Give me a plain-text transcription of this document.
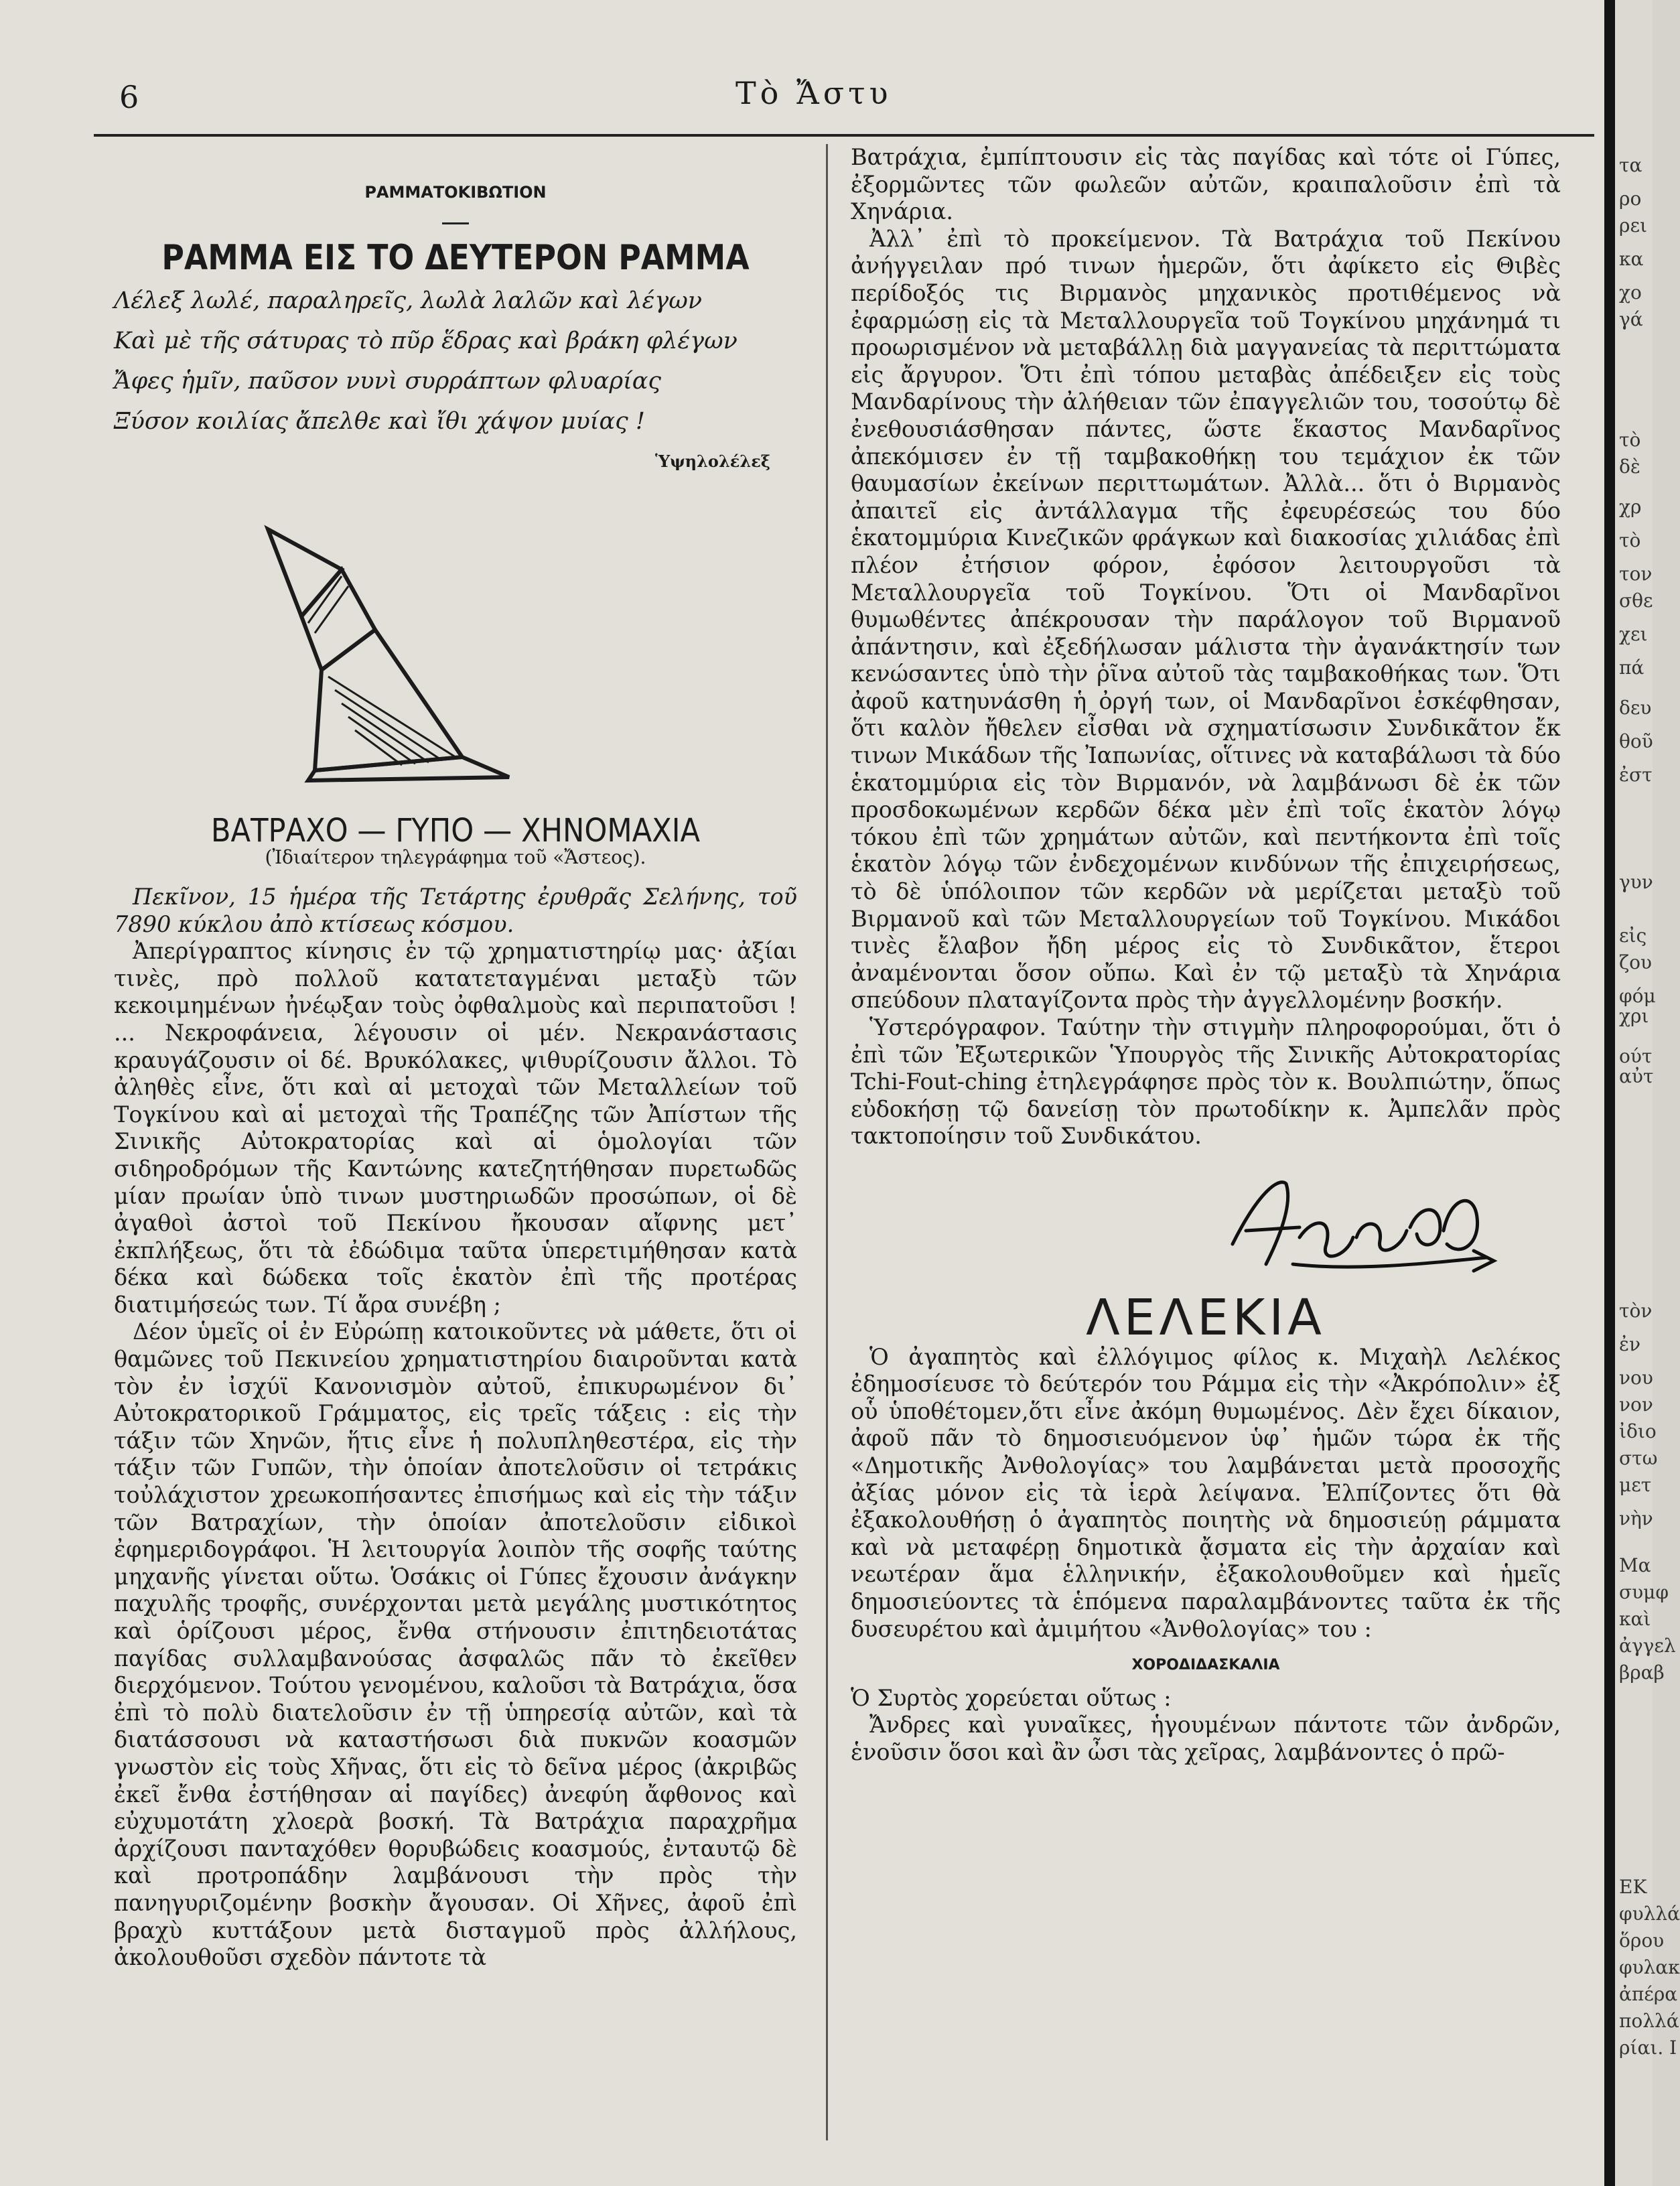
6	Τὸ Ἄστυ
ΡΑΜΜΑΤΟΚΙΒΩΤΙΟΝ
ΡΑΜΜΑ ΕΙΣ ΤΟ ΔΕΥΤΕΡΟΝ ΡΑΜΜΑ
Λέλεξ λωλέ, παραληρεῖς, λωλὰ λαλῶν καὶ λέγων
Καὶ μὲ τῆς σάτυρας τὸ πῦρ ἕδρας καὶ βράκη φλέγων
Ἄφες ἡμῖν, παῦσον νυνὶ συρράπτων φλυαρίας
Ξύσον κοιλίας ἄπελθε καὶ ἴθι χάψον μυίας !
Ὑψηλολέλεξ
ΒΑΤΡΑΧΟ — ΓΥΠΟ — ΧΗΝΟΜΑΧΙΑ
(Ἰδιαίτερον τηλεγράφημα τοῦ «Ἄστεος).

Πεκῖνον, 15 ἡμέρα τῆς Τετάρτης ἐρυθρᾶς Σελήνης, τοῦ 7890 κύκλου ἀπὸ κτίσεως κόσμου.

Ἀπερίγραπτος κίνησις ἐν τῷ χρηματιστηρίῳ μας· ἀξίαι τινὲς, πρὸ πολλοῦ κατατεταγμέναι μεταξὺ τῶν κεκοιμημένων ἠνέῳξαν τοὺς ὀφθαλμοὺς καὶ περιπατοῦσι ! ... Νεκροφάνεια, λέγουσιν οἱ μέν. Νεκρανάστασις κραυγάζουσιν οἱ δέ. Βρυκόλακες, ψιθυρίζουσιν ἄλλοι. Τὸ ἀληθὲς εἶνε, ὅτι καὶ αἱ μετοχαὶ τῶν Μεταλλείων τοῦ Τογκίνου καὶ αἱ μετοχαὶ τῆς Τραπέζης τῶν Ἀπίστων τῆς Σινικῆς Αὐτοκρατορίας καὶ αἱ ὁμολογίαι τῶν σιδηροδρόμων τῆς Καντώνης κατεζητήθησαν πυρετωδῶς μίαν πρωίαν ὑπὸ τινων μυστηριωδῶν προσώπων, οἱ δὲ ἀγαθοὶ ἀστοὶ τοῦ Πεκίνου ἤκουσαν αἴφνης μετ᾽ ἐκπλήξεως, ὅτι τὰ ἐδώδιμα ταῦτα ὑπερετιμήθησαν κατὰ δέκα καὶ δώδεκα τοῖς ἑκατὸν ἐπὶ τῆς προτέρας διατιμήσεώς των. Τί ἄρα συνέβη ;

Δέον ὑμεῖς οἱ ἐν Εὐρώπῃ κατοικοῦντες νὰ μάθετε, ὅτι οἱ θαμῶνες τοῦ Πεκινείου χρηματιστηρίου διαιροῦνται κατὰ τὸν ἐν ἰσχύϊ Κανονισμὸν αὐτοῦ, ἐπικυρωμένον δι᾽ Αὐτοκρατορικοῦ Γράμματος, εἰς τρεῖς τάξεις : εἰς τὴν τάξιν τῶν Χηνῶν, ἥτις εἶνε ἡ πολυπληθεστέρα, εἰς τὴν τάξιν τῶν Γυπῶν, τὴν ὁποίαν ἀποτελοῦσιν οἱ τετράκις τοὐλάχιστον χρεωκοπήσαντες ἐπισήμως καὶ εἰς τὴν τάξιν τῶν Βατραχίων, τὴν ὁποίαν ἀποτελοῦσιν εἰδικοὶ ἐφημεριδογράφοι. Ἡ λειτουργία λοιπὸν τῆς σοφῆς ταύτης μηχανῆς γίνεται οὕτω. Ὁσάκις οἱ Γύπες ἔχουσιν ἀνάγκην παχυλῆς τροφῆς, συνέρχονται μετὰ μεγάλης μυστικότητος καὶ ὁρίζουσι μέρος, ἔνθα στήνουσιν ἐπιτηδειοτάτας παγίδας συλλαμβανούσας ἀσφαλῶς πᾶν τὸ ἐκεῖθεν διερχόμενον. Τούτου γενομένου, καλοῦσι τὰ Βατράχια, ὅσα ἐπὶ τὸ πολὺ διατελοῦσιν ἐν τῇ ὑπηρεσίᾳ αὐτῶν, καὶ τὰ διατάσσουσι νὰ καταστήσωσι διὰ πυκνῶν κοασμῶν γνωστὸν εἰς τοὺς Χῆνας, ὅτι εἰς τὸ δεῖνα μέρος (ἀκριβῶς ἐκεῖ ἔνθα ἐστήθησαν αἱ παγίδες) ἀνεφύη ἄφθονος καὶ εὐχυμοτάτη χλοερὰ βοσκή. Τὰ Βατράχια παραχρῆμα ἀρχίζουσι πανταχόθεν θορυβώδεις κοασμούς, ἐνταυτῷ δὲ καὶ προτροπάδην λαμβάνουσι τὴν πρὸς τὴν πανηγυριζομένην βοσκὴν ἄγουσαν. Οἱ Χῆνες, ἀφοῦ ἐπὶ βραχὺ κυττάξουν μετὰ δισταγμοῦ πρὸς ἀλλήλους, ἀκολουθοῦσι σχεδὸν πάντοτε τὰ

Βατράχια, ἐμπίπτουσιν εἰς τὰς παγίδας καὶ τότε οἱ Γύπες, ἐξορμῶντες τῶν φωλεῶν αὐτῶν, κραιπαλοῦσιν ἐπὶ τὰ Χηνάρια.

Ἀλλ᾽ ἐπὶ τὸ προκείμενον. Τὰ Βατράχια τοῦ Πεκίνου ἀνήγγειλαν πρό τινων ἡμερῶν, ὅτι ἀφίκετο εἰς Θιβὲς περίδοξός τις Βιρμανὸς μηχανικὸς προτιθέμενος νὰ ἐφαρμώσῃ εἰς τὰ Μεταλλουργεῖα τοῦ Τογκίνου μηχάνημά τι προωρισμένον νὰ μεταβάλλῃ διὰ μαγγανείας τὰ περιττώματα εἰς ἄργυρον. Ὅτι ἐπὶ τόπου μεταβὰς ἀπέδειξεν εἰς τοὺς Μανδαρίνους τὴν ἀλήθειαν τῶν ἐπαγγελιῶν του, τοσούτῳ δὲ ἐνεθουσιάσθησαν πάντες, ὥστε ἕκαστος Μανδαρῖνος ἀπεκόμισεν ἐν τῇ ταμβακοθήκῃ του τεμάχιον ἐκ τῶν θαυμασίων ἐκείνων περιττωμάτων. Ἀλλὰ... ὅτι ὁ Βιρμανὸς ἀπαιτεῖ εἰς ἀντάλλαγμα τῆς ἐφευρέσεώς του δύο ἑκατομμύρια Κινεζικῶν φράγκων καὶ διακοσίας χιλιάδας ἐπὶ πλέον ἐτήσιον φόρον, ἐφόσον λειτουργοῦσι τὰ Μεταλλουργεῖα τοῦ Τογκίνου. Ὅτι οἱ Μανδαρῖνοι θυμωθέντες ἀπέκρουσαν τὴν παράλογον τοῦ Βιρμανοῦ ἀπάντησιν, καὶ ἐξεδήλωσαν μάλιστα τὴν ἀγανάκτησίν των κενώσαντες ὑπὸ τὴν ῥῖνα αὐτοῦ τὰς ταμβακοθήκας των. Ὅτι ἀφοῦ κατηυνάσθη ἡ ὀργή των, οἱ Μανδαρῖνοι ἐσκέφθησαν, ὅτι καλὸν ἤθελεν εἶσθαι νὰ σχηματίσωσιν Συνδικᾶτον ἔκ τινων Μικάδων τῆς Ἰαπωνίας, οἵτινες νὰ καταβάλωσι τὰ δύο ἑκατομμύρια εἰς τὸν Βιρμανόν, νὰ λαμβάνωσι δὲ ἐκ τῶν προσδοκωμένων κερδῶν δέκα μὲν ἐπὶ τοῖς ἑκατὸν λόγῳ τόκου ἐπὶ τῶν χρημάτων αὐτῶν, καὶ πεντήκοντα ἐπὶ τοῖς ἑκατὸν λόγῳ τῶν ἐνδεχομένων κινδύνων τῆς ἐπιχειρήσεως, τὸ δὲ ὑπόλοιπον τῶν κερδῶν νὰ μερίζεται μεταξὺ τοῦ Βιρμανοῦ καὶ τῶν Μεταλλουργείων τοῦ Τογκίνου. Μικάδοι τινὲς ἔλαβον ἤδη μέρος εἰς τὸ Συνδικᾶτον, ἕτεροι ἀναμένονται ὅσον οὔπω. Καὶ ἐν τῷ μεταξὺ τὰ Χηνάρια σπεύδουν πλαταγίζοντα πρὸς τὴν ἀγγελλομένην βοσκήν.

Ὑστερόγραφον. Ταύτην τὴν στιγμὴν πληροφορούμαι, ὅτι ὁ ἐπὶ τῶν Ἐξωτερικῶν Ὑπουργὸς τῆς Σινικῆς Αὐτοκρατορίας Tchi-Fout-ching ἐτηλεγράφησε πρὸς τὸν κ. Βουλπιώτην, ὅπως εὐδοκήσῃ τῷ δανείσῃ τὸν πρωτοδίκην κ. Ἀμπελᾶν πρὸς τακτοποίησιν τοῦ Συνδικάτου.

ΛΕΛΕΚΙΑ

Ὁ ἀγαπητὸς καὶ ἐλλόγιμος φίλος κ. Μιχαὴλ Λελέκος ἐδημοσίευσε τὸ δεύτερόν του Ράμμα εἰς τὴν «Ἀκρόπολιν» ἐξ οὗ ὑποθέτομεν,ὅτι εἶνε ἀκόμη θυμωμένος. Δὲν ἔχει δίκαιον, ἀφοῦ πᾶν τὸ δημοσιευόμενον ὑφ᾽ ἡμῶν τώρα ἐκ τῆς «Δημοτικῆς Ἀνθολογίας» του λαμβάνεται μετὰ προσοχῆς ἀξίας μόνον εἰς τὰ ἱερὰ λείψανα. Ἐλπίζοντες ὅτι θὰ ἐξακολουθήσῃ ὁ ἀγαπητὸς ποιητὴς νὰ δημοσιεύῃ ράμματα καὶ νὰ μεταφέρῃ δημοτικὰ ᾄσματα εἰς τὴν ἀρχαίαν καὶ νεωτέραν ἅμα ἑλληνικήν, ἐξακολουθοῦμεν καὶ ἡμεῖς δημοσιεύοντες τὰ ἑπόμενα παραλαμβάνοντες ταῦτα ἐκ τῆς δυσευρέτου καὶ ἀμιμήτου «Ἀνθολογίας» του :

ΧΟΡΟΔΙΔΑΣΚΑΛΙΑ

Ὁ Συρτὸς χορεύεται οὕτως :

Ἄνδρες καὶ γυναῖκες, ἡγουμένων πάντοτε τῶν ἀνδρῶν, ἑνοῦσιν ὅσοι καὶ ἂν ὦσι τὰς χεῖρας, λαμβάνοντες ὁ πρῶ-

τα
ρο
ρει
κα
χο
γά
τὸ
δὲ
χρ
τὸ
τον
σθε
χει
πά
δευ
θοῦ
ἐστ
γυν
εἰς
ζου
φόμ
χρι
ούτ
αὐτ
τὸν
ἐν
νου
νον
ἰδιο
στω
μετ
νὴν
Μα
συμφ
καὶ
ἀγγελ
βραβ
ΕΚ
φυλλά
ὅρου
φυλακ
ἀπέρα
πολλά
ρίαι. Ι
